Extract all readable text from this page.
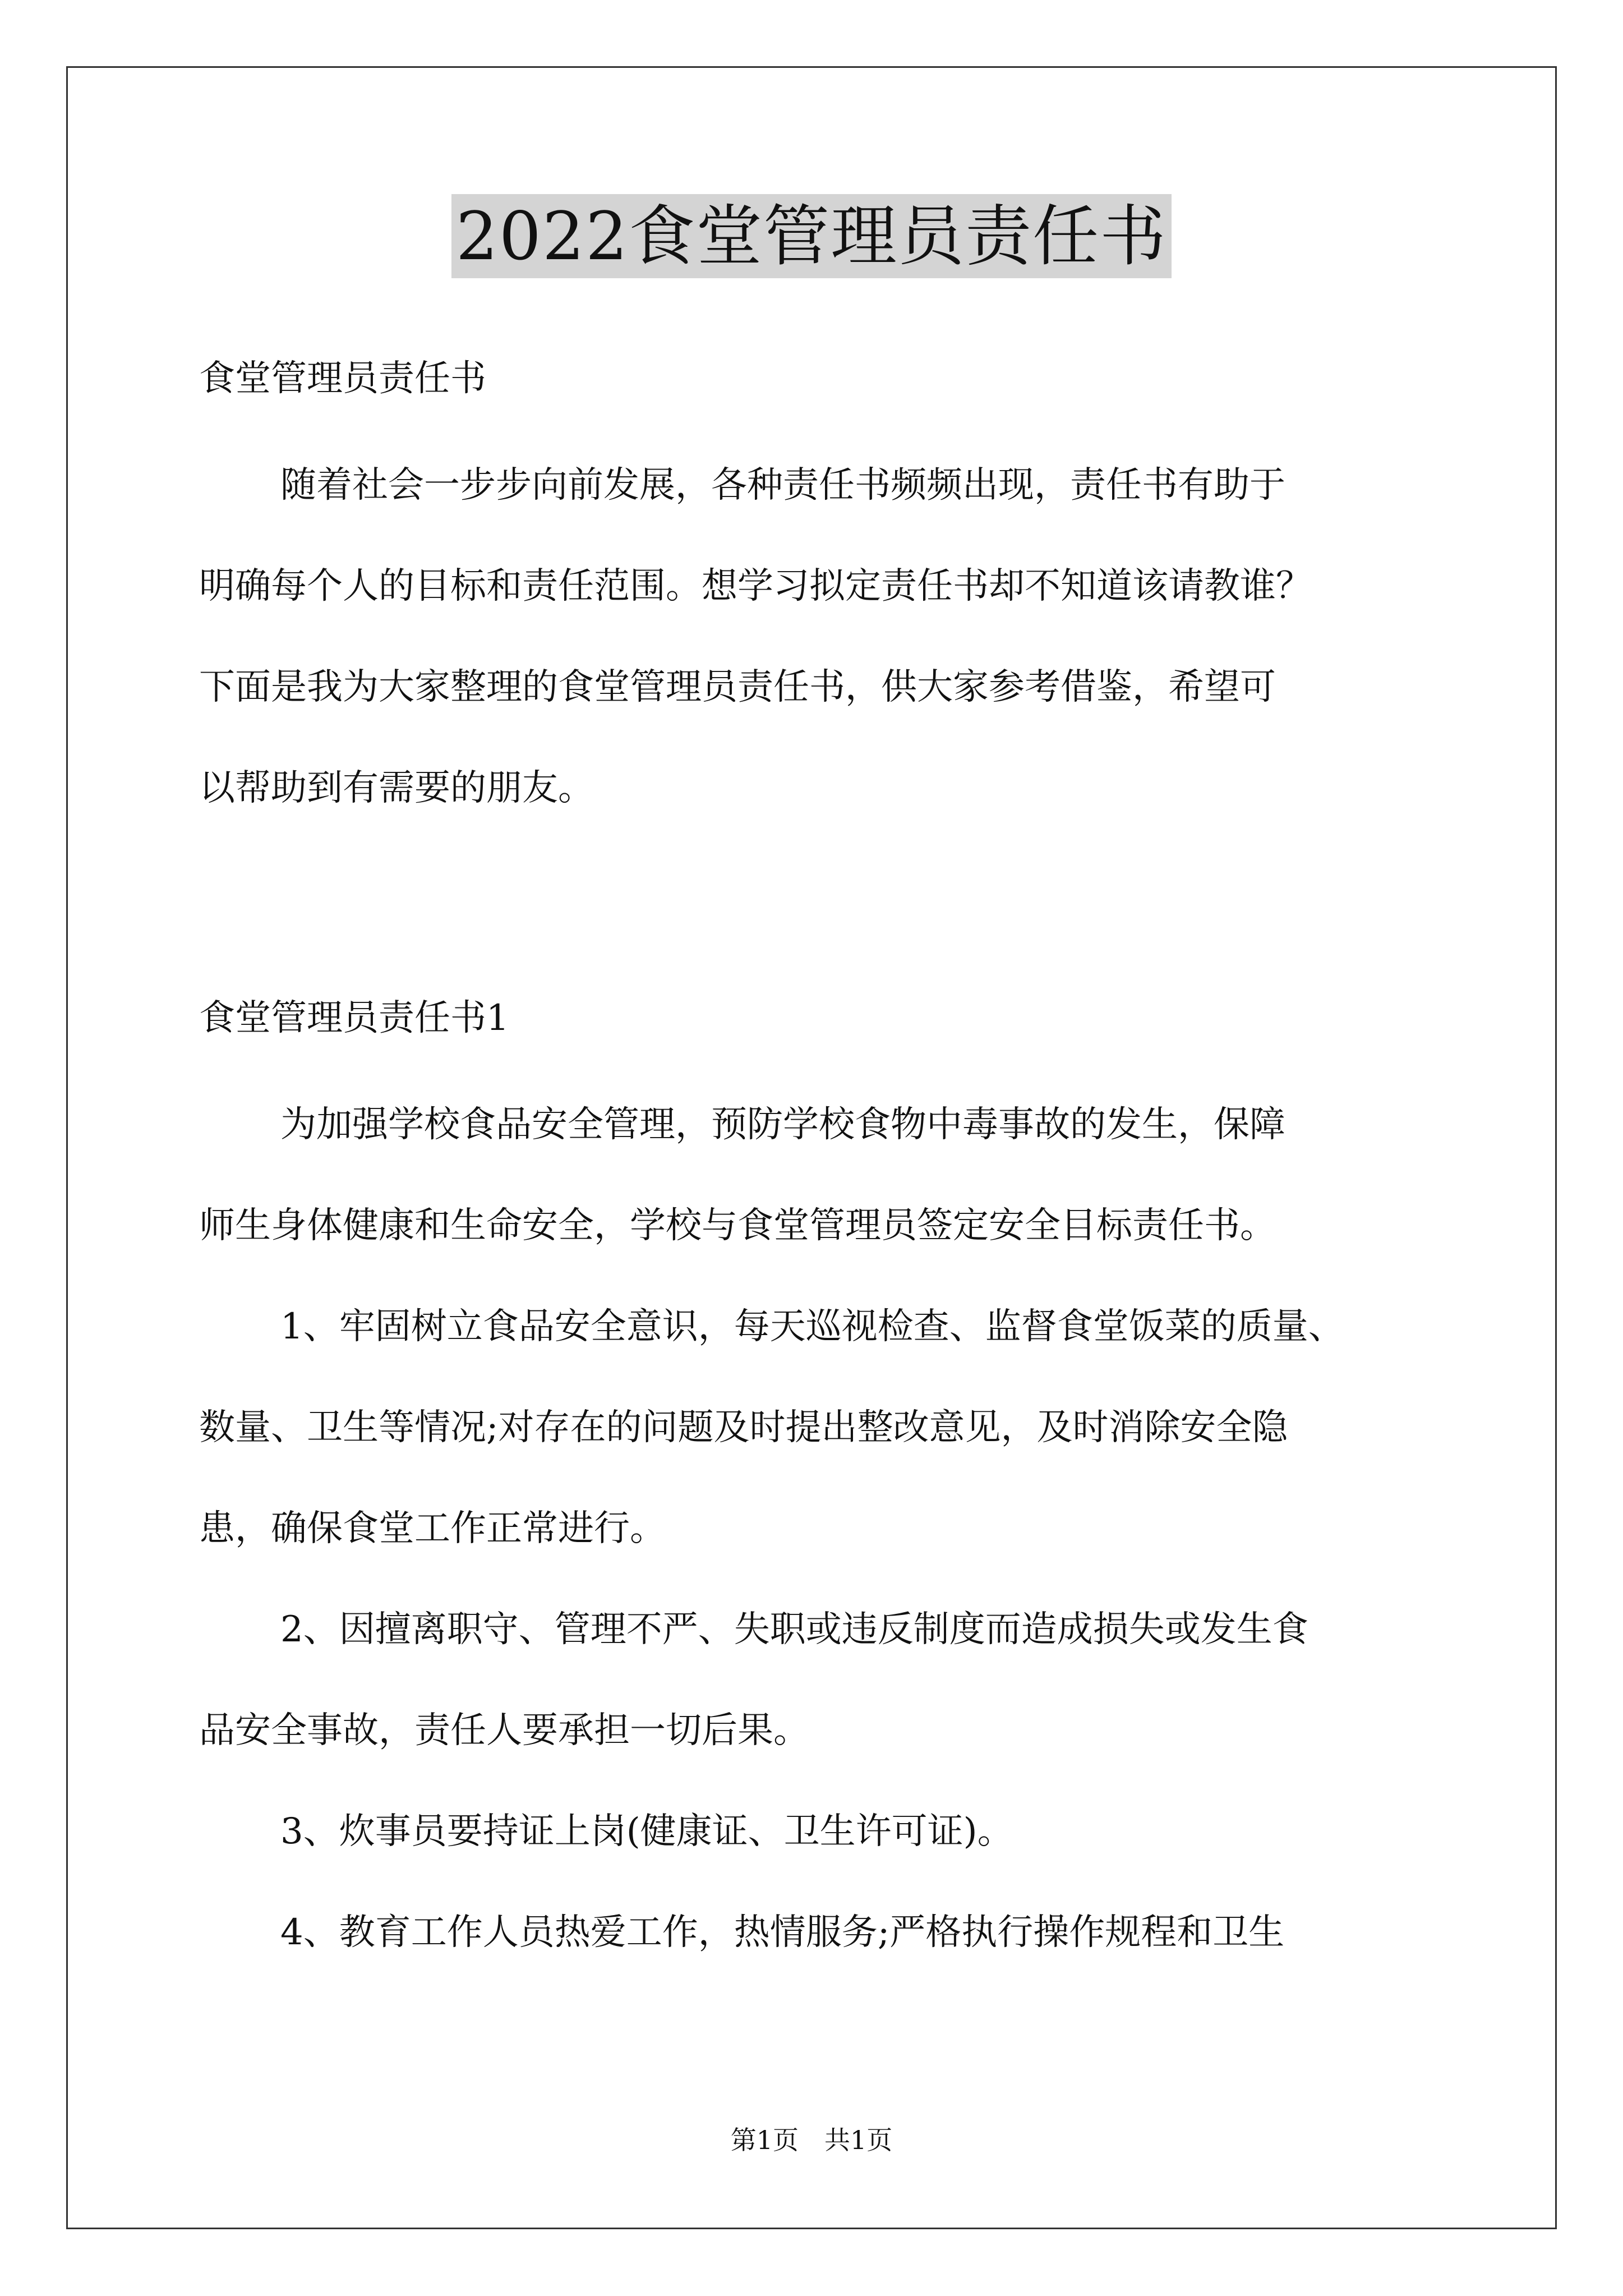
2022食堂管理员责任书
食堂管理员责任书
随着社会一步步向前发展，各种责任书频频出现，责任书有助于
明确每个人的目标和责任范围。想学习拟定责任书却不知道该请教谁？
下面是我为大家整理的食堂管理员责任书，供大家参考借鉴，希望可
以帮助到有需要的朋友。
食堂管理员责任书1
为加强学校食品安全管理，预防学校食物中毒事故的发生，保障
师生身体健康和生命安全，学校与食堂管理员签定安全目标责任书。
1、牢固树立食品安全意识，每天巡视检查、监督食堂饭菜的质量、
数量、卫生等情况;对存在的问题及时提出整改意见，及时消除安全隐
患，确保食堂工作正常进行。
2、因擅离职守、管理不严、失职或违反制度而造成损失或发生食
品安全事故，责任人要承担一切后果。
3、炊事员要持证上岗(健康证、卫生许可证)。
4、教育工作人员热爱工作，热情服务;严格执行操作规程和卫生
第1页　共1页
